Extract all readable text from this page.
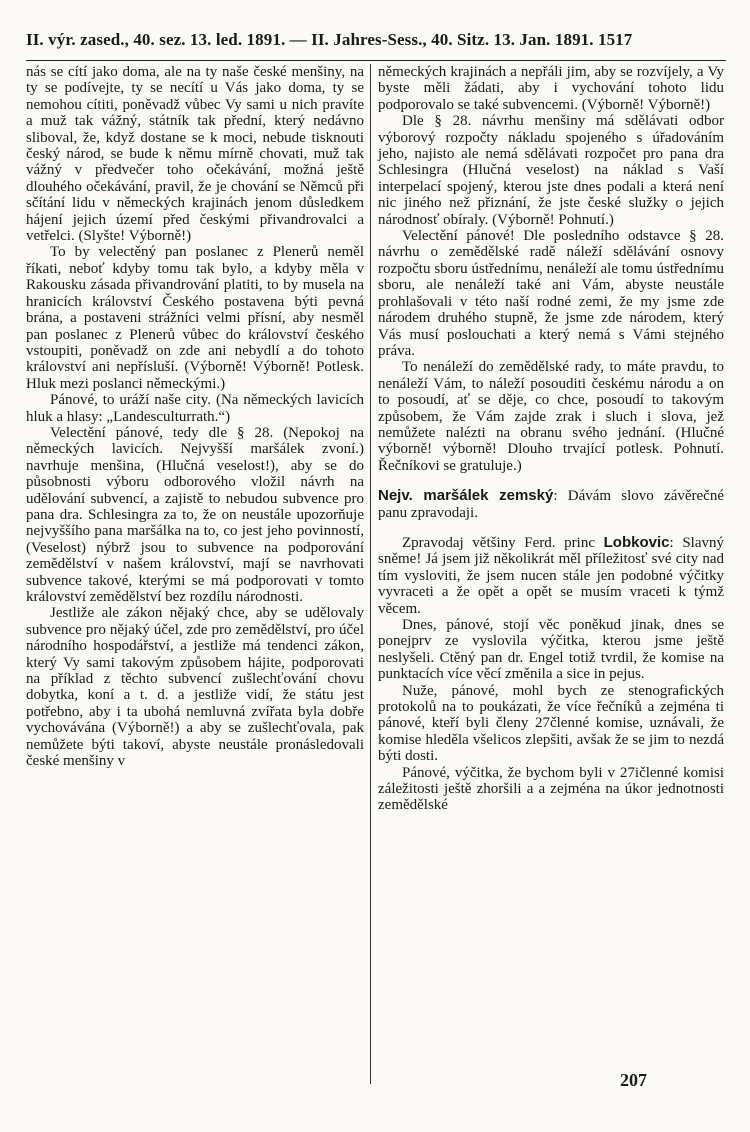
II. výr. zased., 40. sez. 13. led. 1891. — II. Jahres-Sess., 40. Sitz. 13. Jan. 1891. 1517

nás se cítí jako doma, ale na ty naše české menšiny, na ty se podívejte, ty se necítí u Vás jako doma, ty se nemohou cítiti, poněvadž vůbec Vy sami u nich pravíte a muž tak vážný, státník tak přední, který nedávno sliboval, že, když dostane se k moci, nebude tisknouti český národ, se bude k němu mírně chovati, muž tak vážný v předvečer toho očekávání, možná ještě dlouhého očekávání, pravil, že je chování se Němců při sčítání lidu v německých krajinách jenom důsledkem hájení jejich území před českými přivandrovalci a vetřelci. (Slyšte! Výborně!)

To by velectěný pan poslanec z Plenerů neměl říkati, neboť kdyby tomu tak bylo, a kdyby měla v Rakousku zásada přivandrování platiti, to by musela na hranicích království Českého postavena býti pevná brána, a postaveni strážníci velmi přísní, aby nesměl pan poslanec z Plenerů vůbec do království českého vstoupiti, poněvadž on zde ani nebydlí a do tohoto království ani nepřísluší. (Výborně! Výborně! Potlesk. Hluk mezi poslanci německými.)

Pánové, to uráží naše city. (Na německých lavicích hluk a hlasy: „Landesculturrath.“)

Velectění pánové, tedy dle § 28. (Nepokoj na německých lavicích. Nejvyšší maršálek zvoní.) navrhuje menšina, (Hlučná veselost!), aby se do působnosti výboru odborového vložil návrh na udělování subvencí, a zajistě to nebudou subvence pro pana dra. Schlesingra za to, že on neustále upozorňuje nejvyššího pana maršálka na to, co jest jeho povinností, (Veselost) nýbrž jsou to subvence na podporování zemědělství v našem království, mají se navrhovati subvence takové, kterými se má podporovati v tomto království zemědělství bez rozdílu národnosti.

Jestliže ale zákon nějaký chce, aby se udělovaly subvence pro nějaký účel, zde pro zemědělství, pro účel národního hospodářství, a jestliže má tendenci zákon, který Vy sami takovým způsobem hájite, podporovati na příklad z těchto subvencí zušlechťování chovu dobytka, koní a t. d. a jestliže vidí, že státu jest potřebno, aby i ta ubohá nemluvná zvířata byla dobře vychovávána (Výborně!) a aby se zušlechťovala, pak nemůžete býti takoví, abyste neustále pronásledovali české menšiny v

německých krajinách a nepřáli jim, aby se rozvíjely, a Vy byste měli žádati, aby i vychování tohoto lidu podporovalo se také subvencemi. (Výborně! Výborně!)

Dle § 28. návrhu menšiny má sdělávati odbor výborový rozpočty nákladu spojeného s úřadováním jeho, najisto ale nemá sdělávati rozpočet pro pana dra Schlesingra (Hlučná veselost) na náklad s Vaší interpelací spojený, kterou jste dnes podali a která není nic jiného než přiznání, že jste české služky o jejich národnosť obíraly. (Výborně! Pohnutí.)

Velectění pánové! Dle posledního odstavce § 28. návrhu o zemědělské radě náleží sdělávání osnovy rozpočtu sboru ústřednímu, nenáleží ale tomu ústřednímu sboru, ale nenáleží také ani Vám, abyste neustále prohlašovali v této naší rodné zemi, že my jsme zde národem druhého stupně, že jsme zde národem, který Vás musí poslouchati a který nemá s Vámi stejného práva.

To nenáleží do zemědělské rady, to máte pravdu, to nenáleží Vám, to náleží posouditi českému národu a on to posoudí, ať se děje, co chce, posoudí to takovým způsobem, že Vám zajde zrak i sluch i slova, jež nemůžete nalézti na obranu svého jednání. (Hlučné výborně! výborně! Dlouho trvající potlesk. Pohnutí. Řečníkovi se gratuluje.)

Nejv. maršálek zemský: Dávám slovo závěrečné panu zpravodaji.

Zpravodaj většiny Ferd. princ Lobkovic: Slavný sněme! Já jsem již několikrát měl příležitosť své city nad tím vysloviti, že jsem nucen stále jen podobné výčitky vyvraceti a že opět a opět se musím vraceti k týmž věcem.

Dnes, pánové, stojí věc poněkud jinak, dnes se ponejprv ze vyslovila výčitka, kterou jsme ještě neslyšeli. Ctěný pan dr. Engel totiž tvrdil, že komise na punktacích více věcí změnila a sice in pejus.

Nuže, pánové, mohl bych ze stenografických protokolů na to poukázati, že více řečníků a zejména ti pánové, kteří byli členy 27členné komise, uznávali, že komise hleděla všelicos zlepšiti, avšak že se jim to nezdá býti dosti.

Pánové, výčitka, že bychom byli v 27ičlenné komisi záležitosti ještě zhoršili a a zejména na úkor jednotnosti zemědělské

207
